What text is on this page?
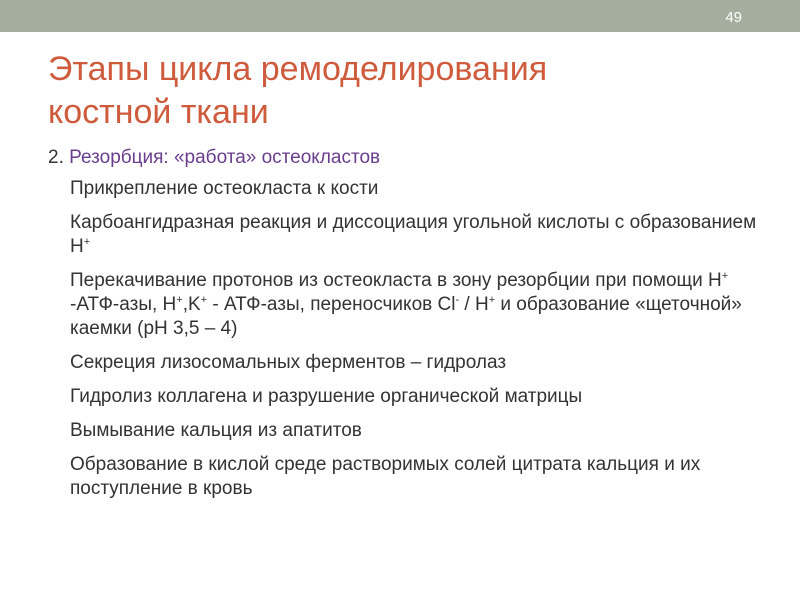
49
Этапы цикла ремоделирования
костной ткани

2. Резорбция: «работа» остеокластов

Прикрепление остеокласта к кости
Карбоангидразная реакция и диссоциация угольной кислоты с образованием H+
Перекачивание протонов из остеокласта в зону резорбции при помощи H+ -АТФ-азы, H+,K+ - АТФ-азы, переносчиков Cl- / H+ и образование «щеточной» каемки (pH 3,5 – 4)
Секреция лизосомальных ферментов – гидролаз
Гидролиз коллагена и разрушение органической матрицы
Вымывание кальция из апатитов
Образование в кислой среде растворимых солей цитрата кальция и их поступление в кровь
